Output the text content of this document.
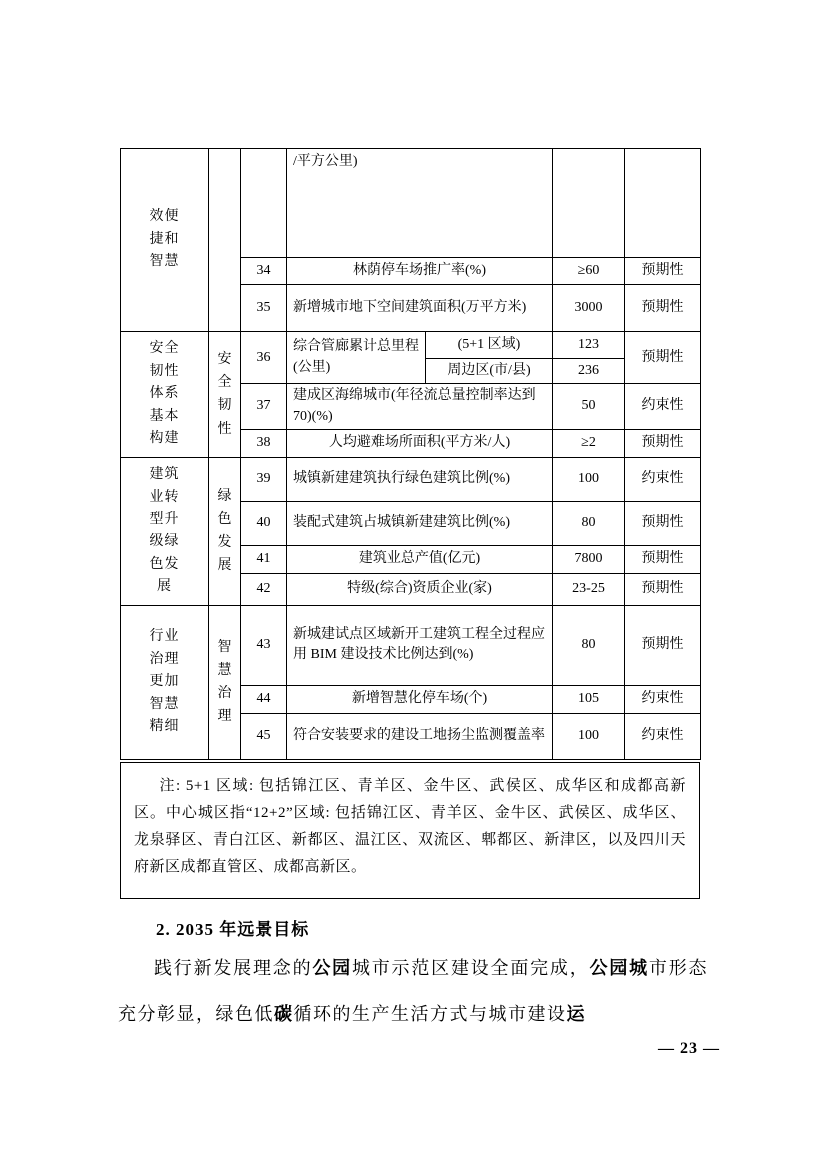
效便捷和智慧			/平方公里)			
		34	林荫停车场推广率(%)		≥60	预期性
		35	新增城市地下空间建筑面积(万平方米)		3000	预期性
安全韧性体系基本构建	安全韧性	36	综合管廊累计总里程(公里)	(5+1 区域)	123	预期性
				周边区(市/县)	236	
		37	建成区海绵城市(年径流总量控制率达到70)(%)		50	约束性
		38	人均避难场所面积(平方米/人)		≥2	预期性
建筑业转型升级绿色发展	绿色发展	39	城镇新建建筑执行绿色建筑比例(%)		100	约束性
		40	装配式建筑占城镇新建建筑比例(%)		80	预期性
		41	建筑业总产值(亿元)		7800	预期性
		42	特级(综合)资质企业(家)		23-25	预期性
行业治理更加智慧精细	智慧治理	43	新城建试点区域新开工建筑工程全过程应用 BIM 建设技术比例达到(%)		80	预期性
		44	新增智慧化停车场(个)		105	约束性
		45	符合安装要求的建设工地扬尘监测覆盖率		100	约束性
注: 5+1 区域: 包括锦江区、青羊区、金牛区、武侯区、成华区和成都高新区。中心城区指“12+2”区域: 包括锦江区、青羊区、金牛区、武侯区、成华区、龙泉驿区、青白江区、新都区、温江区、双流区、郫都区、新津区，以及四川天府新区成都直管区、成都高新区。
2. 2035 年远景目标
践行新发展理念的公园城市示范区建设全面完成，公园城市形态充分彰显，绿色低碳循环的生产生活方式与城市建设运
— 23 —
